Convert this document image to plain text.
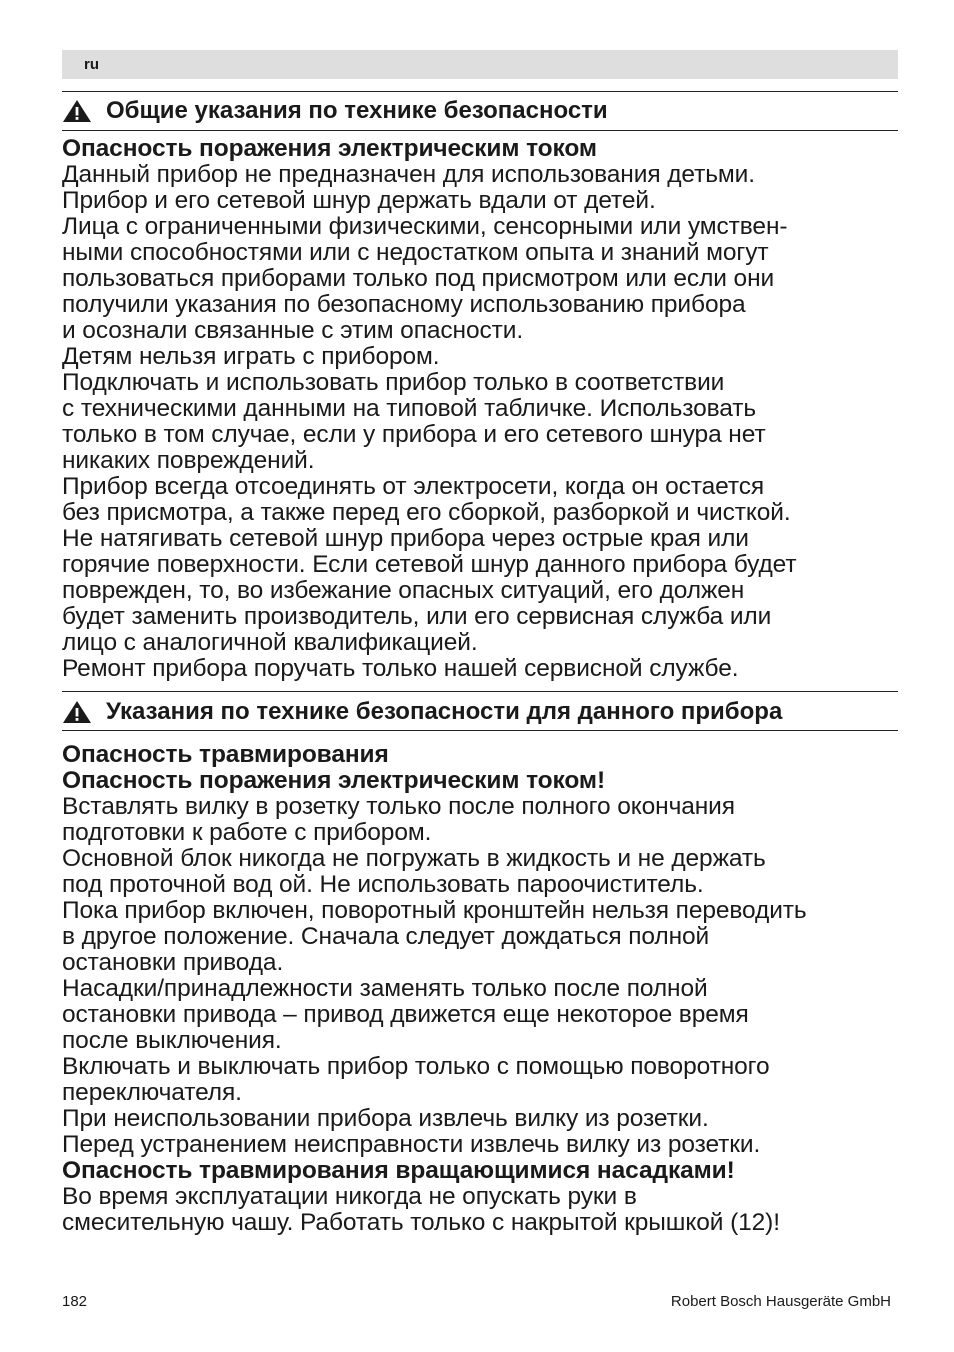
ru
Общие указания по технике безопасности

Опасность поражения электрическим током

Данный прибор не предназначен для использования детьми.

Прибор и его сетевой шнур держать вдали от детей.

Лица с ограниченными физическими, сенсорными или умствен-

ными способностями или с недостатком опыта и знаний могут

пользоваться приборами только под присмотром или если они

получили указания по безопасному использованию прибора

и осознали связанные с этим опасности.

Детям нельзя играть с прибором.

Подключать и использовать прибор только в соответствии

с техническими данными на типовой табличке. Использовать

только в том случае, если у прибора и его сетевого шнура нет

никаких повреждений.

Прибор всегда отсоединять от электросети, когда он остается

без присмотра, а также перед его сборкой, разборкой и чисткой.

Не натягивать сетевой шнур прибора через острые края или

горячие поверхности. Если сетевой шнур данного прибора будет

поврежден, то, во избежание опасных ситуаций, его должен

будет заменить производитель, или его сервисная служба или

лицо с аналогичной квалификацией.

Ремонт прибора поручать только нашей сервисной службе.

Указания по технике безопасности для данного прибора

Опасность травмирования

Опасность поражения электрическим током!

Вставлять вилку в розетку только после полного окончания

подготовки к работе с прибором.

Основной блок никогда не погружать в жидкость и не держать

под проточной вод ой. Не использовать пароочиститель.

Пока прибор включен, поворотный кронштейн нельзя переводить

в другое положение. Сначала следует дождаться полной

остановки привода.

Насадки/принадлежности заменять только после полной

остановки привода – привод движется еще некоторое время

после выключения.

Включать и выключать прибор только с помощью поворотного

переключателя.

При неиспользовании прибора извлечь вилку из розетки.

Перед устранением неисправности извлечь вилку из розетки.

Опасность травмирования вращающимися насадками!

Во время эксплуатации никогда не опускать руки в

смесительную чашу. Работать только с накрытой крышкой (12)!

182	Robert Bosch Hausgeräte GmbH
